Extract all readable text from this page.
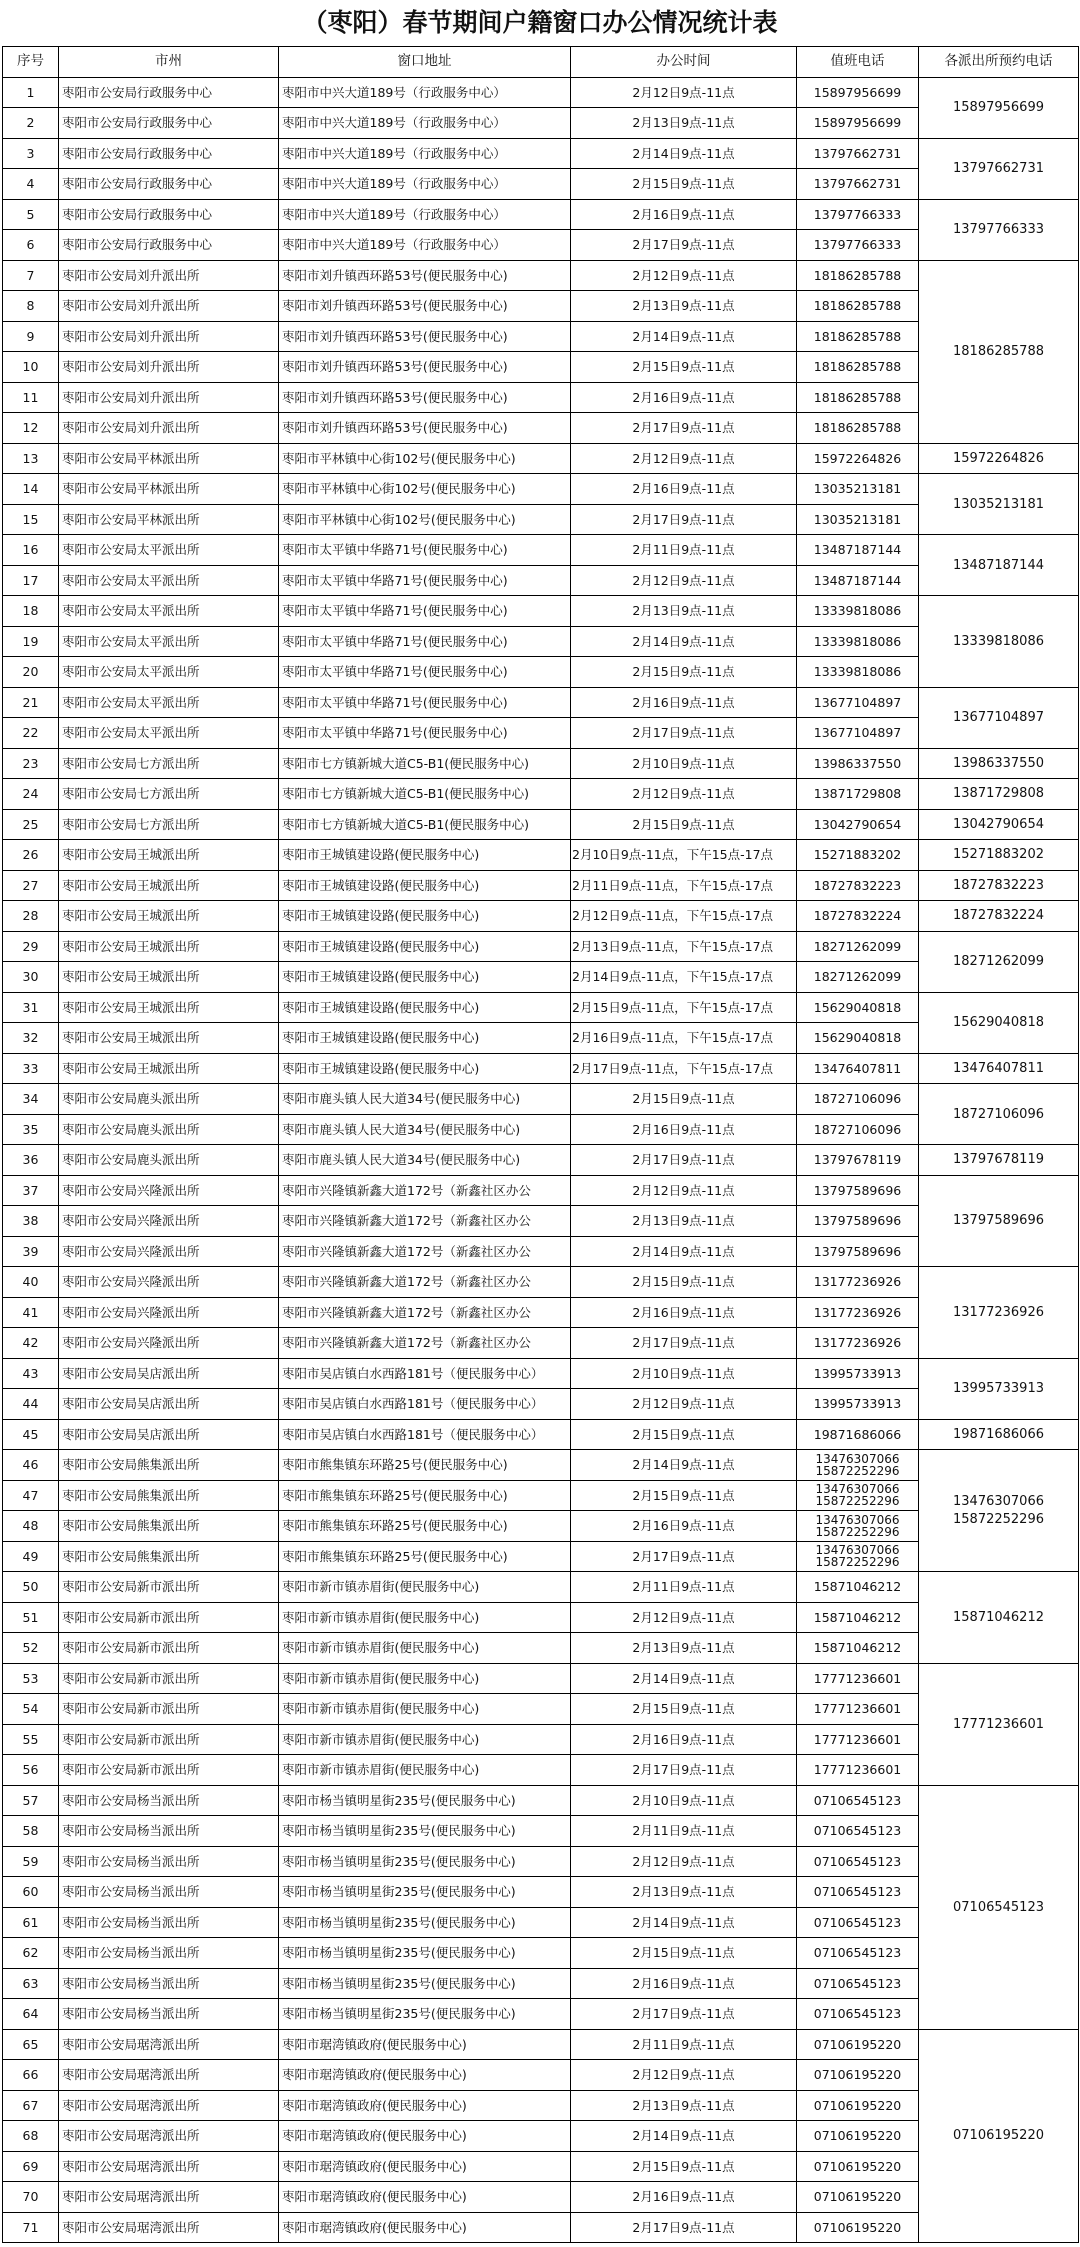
（枣阳）春节期间户籍窗口办公情况统计表
序号	市州	窗口地址	办公时间	值班电话	各派出所预约电话
1	枣阳市公安局行政服务中心	枣阳市中兴大道189号（行政服务中心）	2月12日9点-11点	15897956699	15897956699
2	枣阳市公安局行政服务中心	枣阳市中兴大道189号（行政服务中心）	2月13日9点-11点	15897956699	
3	枣阳市公安局行政服务中心	枣阳市中兴大道189号（行政服务中心）	2月14日9点-11点	13797662731	13797662731
4	枣阳市公安局行政服务中心	枣阳市中兴大道189号（行政服务中心）	2月15日9点-11点	13797662731	
5	枣阳市公安局行政服务中心	枣阳市中兴大道189号（行政服务中心）	2月16日9点-11点	13797766333	13797766333
6	枣阳市公安局行政服务中心	枣阳市中兴大道189号（行政服务中心）	2月17日9点-11点	13797766333	
7	枣阳市公安局刘升派出所	枣阳市刘升镇西环路53号(便民服务中心)	2月12日9点-11点	18186285788	18186285788
8	枣阳市公安局刘升派出所	枣阳市刘升镇西环路53号(便民服务中心)	2月13日9点-11点	18186285788	
9	枣阳市公安局刘升派出所	枣阳市刘升镇西环路53号(便民服务中心)	2月14日9点-11点	18186285788	
10	枣阳市公安局刘升派出所	枣阳市刘升镇西环路53号(便民服务中心)	2月15日9点-11点	18186285788	
11	枣阳市公安局刘升派出所	枣阳市刘升镇西环路53号(便民服务中心)	2月16日9点-11点	18186285788	
12	枣阳市公安局刘升派出所	枣阳市刘升镇西环路53号(便民服务中心)	2月17日9点-11点	18186285788	
13	枣阳市公安局平林派出所	枣阳市平林镇中心街102号(便民服务中心)	2月12日9点-11点	15972264826	15972264826
14	枣阳市公安局平林派出所	枣阳市平林镇中心街102号(便民服务中心)	2月16日9点-11点	13035213181	13035213181
15	枣阳市公安局平林派出所	枣阳市平林镇中心街102号(便民服务中心)	2月17日9点-11点	13035213181	
16	枣阳市公安局太平派出所	枣阳市太平镇中华路71号(便民服务中心)	2月11日9点-11点	13487187144	13487187144
17	枣阳市公安局太平派出所	枣阳市太平镇中华路71号(便民服务中心)	2月12日9点-11点	13487187144	
18	枣阳市公安局太平派出所	枣阳市太平镇中华路71号(便民服务中心)	2月13日9点-11点	13339818086	13339818086
19	枣阳市公安局太平派出所	枣阳市太平镇中华路71号(便民服务中心)	2月14日9点-11点	13339818086	
20	枣阳市公安局太平派出所	枣阳市太平镇中华路71号(便民服务中心)	2月15日9点-11点	13339818086	
21	枣阳市公安局太平派出所	枣阳市太平镇中华路71号(便民服务中心)	2月16日9点-11点	13677104897	13677104897
22	枣阳市公安局太平派出所	枣阳市太平镇中华路71号(便民服务中心)	2月17日9点-11点	13677104897	
23	枣阳市公安局七方派出所	枣阳市七方镇新城大道C5-B1(便民服务中心)	2月10日9点-11点	13986337550	13986337550
24	枣阳市公安局七方派出所	枣阳市七方镇新城大道C5-B1(便民服务中心)	2月12日9点-11点	13871729808	13871729808
25	枣阳市公安局七方派出所	枣阳市七方镇新城大道C5-B1(便民服务中心)	2月15日9点-11点	13042790654	13042790654
26	枣阳市公安局王城派出所	枣阳市王城镇建设路(便民服务中心)	2月10日9点-11点，下午15点-17点	15271883202	15271883202
27	枣阳市公安局王城派出所	枣阳市王城镇建设路(便民服务中心)	2月11日9点-11点，下午15点-17点	18727832223	18727832223
28	枣阳市公安局王城派出所	枣阳市王城镇建设路(便民服务中心)	2月12日9点-11点，下午15点-17点	18727832224	18727832224
29	枣阳市公安局王城派出所	枣阳市王城镇建设路(便民服务中心)	2月13日9点-11点，下午15点-17点	18271262099	18271262099
30	枣阳市公安局王城派出所	枣阳市王城镇建设路(便民服务中心)	2月14日9点-11点，下午15点-17点	18271262099	
31	枣阳市公安局王城派出所	枣阳市王城镇建设路(便民服务中心)	2月15日9点-11点，下午15点-17点	15629040818	15629040818
32	枣阳市公安局王城派出所	枣阳市王城镇建设路(便民服务中心)	2月16日9点-11点，下午15点-17点	15629040818	
33	枣阳市公安局王城派出所	枣阳市王城镇建设路(便民服务中心)	2月17日9点-11点，下午15点-17点	13476407811	13476407811
34	枣阳市公安局鹿头派出所	枣阳市鹿头镇人民大道34号(便民服务中心)	2月15日9点-11点	18727106096	18727106096
35	枣阳市公安局鹿头派出所	枣阳市鹿头镇人民大道34号(便民服务中心)	2月16日9点-11点	18727106096	
36	枣阳市公安局鹿头派出所	枣阳市鹿头镇人民大道34号(便民服务中心)	2月17日9点-11点	13797678119	13797678119
37	枣阳市公安局兴隆派出所	枣阳市兴隆镇新鑫大道172号（新鑫社区办公	2月12日9点-11点	13797589696	13797589696
38	枣阳市公安局兴隆派出所	枣阳市兴隆镇新鑫大道172号（新鑫社区办公	2月13日9点-11点	13797589696	
39	枣阳市公安局兴隆派出所	枣阳市兴隆镇新鑫大道172号（新鑫社区办公	2月14日9点-11点	13797589696	
40	枣阳市公安局兴隆派出所	枣阳市兴隆镇新鑫大道172号（新鑫社区办公	2月15日9点-11点	13177236926	13177236926
41	枣阳市公安局兴隆派出所	枣阳市兴隆镇新鑫大道172号（新鑫社区办公	2月16日9点-11点	13177236926	
42	枣阳市公安局兴隆派出所	枣阳市兴隆镇新鑫大道172号（新鑫社区办公	2月17日9点-11点	13177236926	
43	枣阳市公安局吴店派出所	枣阳市吴店镇白水西路181号（便民服务中心）	2月10日9点-11点	13995733913	13995733913
44	枣阳市公安局吴店派出所	枣阳市吴店镇白水西路181号（便民服务中心）	2月12日9点-11点	13995733913	
45	枣阳市公安局吴店派出所	枣阳市吴店镇白水西路181号（便民服务中心）	2月15日9点-11点	19871686066	19871686066
46	枣阳市公安局熊集派出所	枣阳市熊集镇东环路25号(便民服务中心)	2月14日9点-11点	13476307066 15872252296	13476307066 15872252296
47	枣阳市公安局熊集派出所	枣阳市熊集镇东环路25号(便民服务中心)	2月15日9点-11点	13476307066 15872252296	
48	枣阳市公安局熊集派出所	枣阳市熊集镇东环路25号(便民服务中心)	2月16日9点-11点	13476307066 15872252296	
49	枣阳市公安局熊集派出所	枣阳市熊集镇东环路25号(便民服务中心)	2月17日9点-11点	13476307066 15872252296	
50	枣阳市公安局新市派出所	枣阳市新市镇赤眉街(便民服务中心)	2月11日9点-11点	15871046212	15871046212
51	枣阳市公安局新市派出所	枣阳市新市镇赤眉街(便民服务中心)	2月12日9点-11点	15871046212	
52	枣阳市公安局新市派出所	枣阳市新市镇赤眉街(便民服务中心)	2月13日9点-11点	15871046212	
53	枣阳市公安局新市派出所	枣阳市新市镇赤眉街(便民服务中心)	2月14日9点-11点	17771236601	17771236601
54	枣阳市公安局新市派出所	枣阳市新市镇赤眉街(便民服务中心)	2月15日9点-11点	17771236601	
55	枣阳市公安局新市派出所	枣阳市新市镇赤眉街(便民服务中心)	2月16日9点-11点	17771236601	
56	枣阳市公安局新市派出所	枣阳市新市镇赤眉街(便民服务中心)	2月17日9点-11点	17771236601	
57	枣阳市公安局杨当派出所	枣阳市杨当镇明星街235号(便民服务中心)	2月10日9点-11点	07106545123	07106545123
58	枣阳市公安局杨当派出所	枣阳市杨当镇明星街235号(便民服务中心)	2月11日9点-11点	07106545123	
59	枣阳市公安局杨当派出所	枣阳市杨当镇明星街235号(便民服务中心)	2月12日9点-11点	07106545123	
60	枣阳市公安局杨当派出所	枣阳市杨当镇明星街235号(便民服务中心)	2月13日9点-11点	07106545123	
61	枣阳市公安局杨当派出所	枣阳市杨当镇明星街235号(便民服务中心)	2月14日9点-11点	07106545123	
62	枣阳市公安局杨当派出所	枣阳市杨当镇明星街235号(便民服务中心)	2月15日9点-11点	07106545123	
63	枣阳市公安局杨当派出所	枣阳市杨当镇明星街235号(便民服务中心)	2月16日9点-11点	07106545123	
64	枣阳市公安局杨当派出所	枣阳市杨当镇明星街235号(便民服务中心)	2月17日9点-11点	07106545123	
65	枣阳市公安局琚湾派出所	枣阳市琚湾镇政府(便民服务中心)	2月11日9点-11点	07106195220	07106195220
66	枣阳市公安局琚湾派出所	枣阳市琚湾镇政府(便民服务中心)	2月12日9点-11点	07106195220	
67	枣阳市公安局琚湾派出所	枣阳市琚湾镇政府(便民服务中心)	2月13日9点-11点	07106195220	
68	枣阳市公安局琚湾派出所	枣阳市琚湾镇政府(便民服务中心)	2月14日9点-11点	07106195220	
69	枣阳市公安局琚湾派出所	枣阳市琚湾镇政府(便民服务中心)	2月15日9点-11点	07106195220	
70	枣阳市公安局琚湾派出所	枣阳市琚湾镇政府(便民服务中心)	2月16日9点-11点	07106195220	
71	枣阳市公安局琚湾派出所	枣阳市琚湾镇政府(便民服务中心)	2月17日9点-11点	07106195220	
